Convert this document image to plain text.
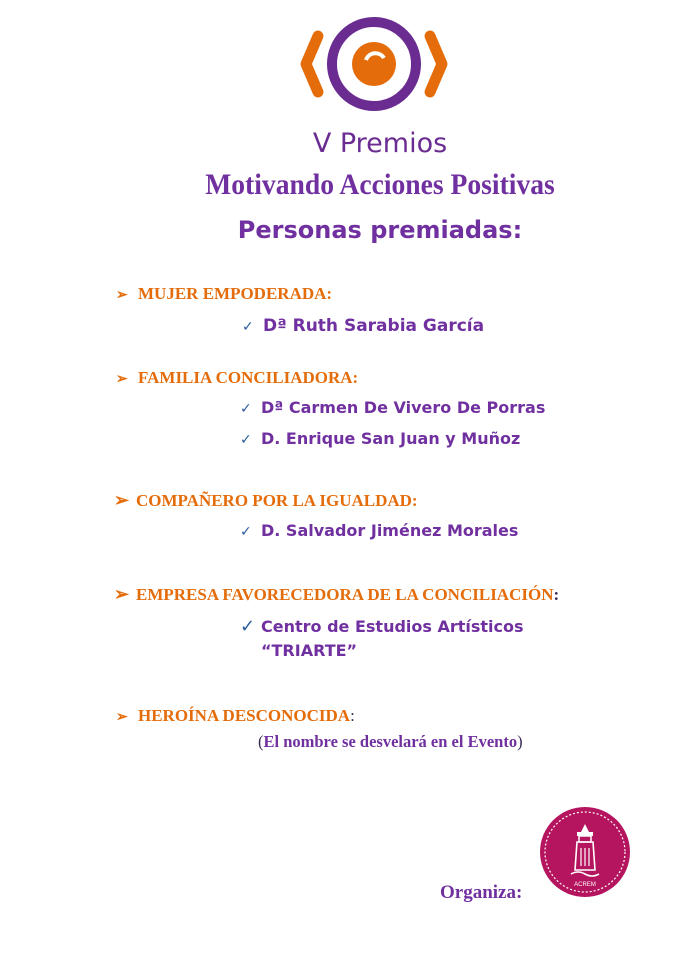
V Premios
Motivando Acciones Positivas
Personas premiadas:
➢ MUJER EMPODERADA:
✓ Dª Ruth Sarabia García
➢ FAMILIA CONCILIADORA:
✓ Dª Carmen De Vivero De Porras
✓ D. Enrique San Juan y Muñoz
➢ COMPAÑERO POR LA IGUALDAD:
✓ D. Salvador Jiménez Morales
➢ EMPRESA FAVORECEDORA DE LA CONCILIACIÓN:
✓ Centro de Estudios Artísticos
“TRIARTE”
➢ HEROÍNA DESCONOCIDA:
(El nombre se desvelará en el Evento)
Organiza:	ACREM
